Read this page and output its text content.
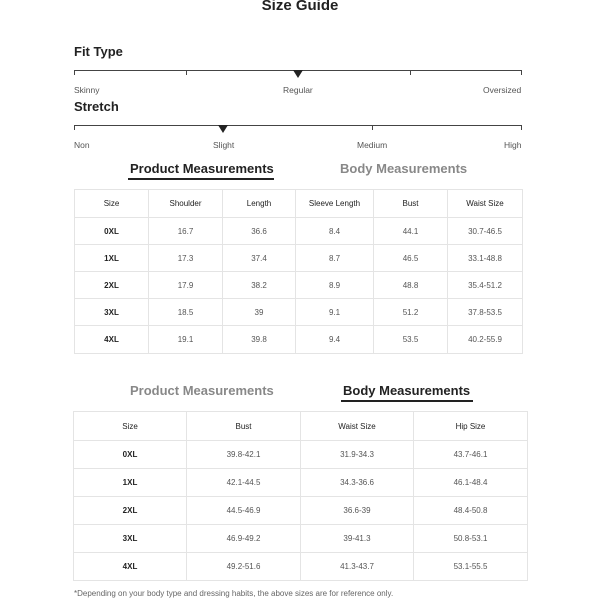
Size Guide
Fit Type
Skinny	Regular	Oversized
Stretch
Non	Slight	Medium	High
Product Measurements	Body Measurements
Size	Shoulder	Length	Sleeve Length	Bust	Waist Size
0XL	16.7	36.6	8.4	44.1	30.7-46.5
1XL	17.3	37.4	8.7	46.5	33.1-48.8
2XL	17.9	38.2	8.9	48.8	35.4-51.2
3XL	18.5	39	9.1	51.2	37.8-53.5
4XL	19.1	39.8	9.4	53.5	40.2-55.9
Product Measurements	Body Measurements
Size	Bust	Waist Size	Hip Size
0XL	39.8-42.1	31.9-34.3	43.7-46.1
1XL	42.1-44.5	34.3-36.6	46.1-48.4
2XL	44.5-46.9	36.6-39	48.4-50.8
3XL	46.9-49.2	39-41.3	50.8-53.1
4XL	49.2-51.6	41.3-43.7	53.1-55.5
*Depending on your body type and dressing habits, the above sizes are for reference only.
